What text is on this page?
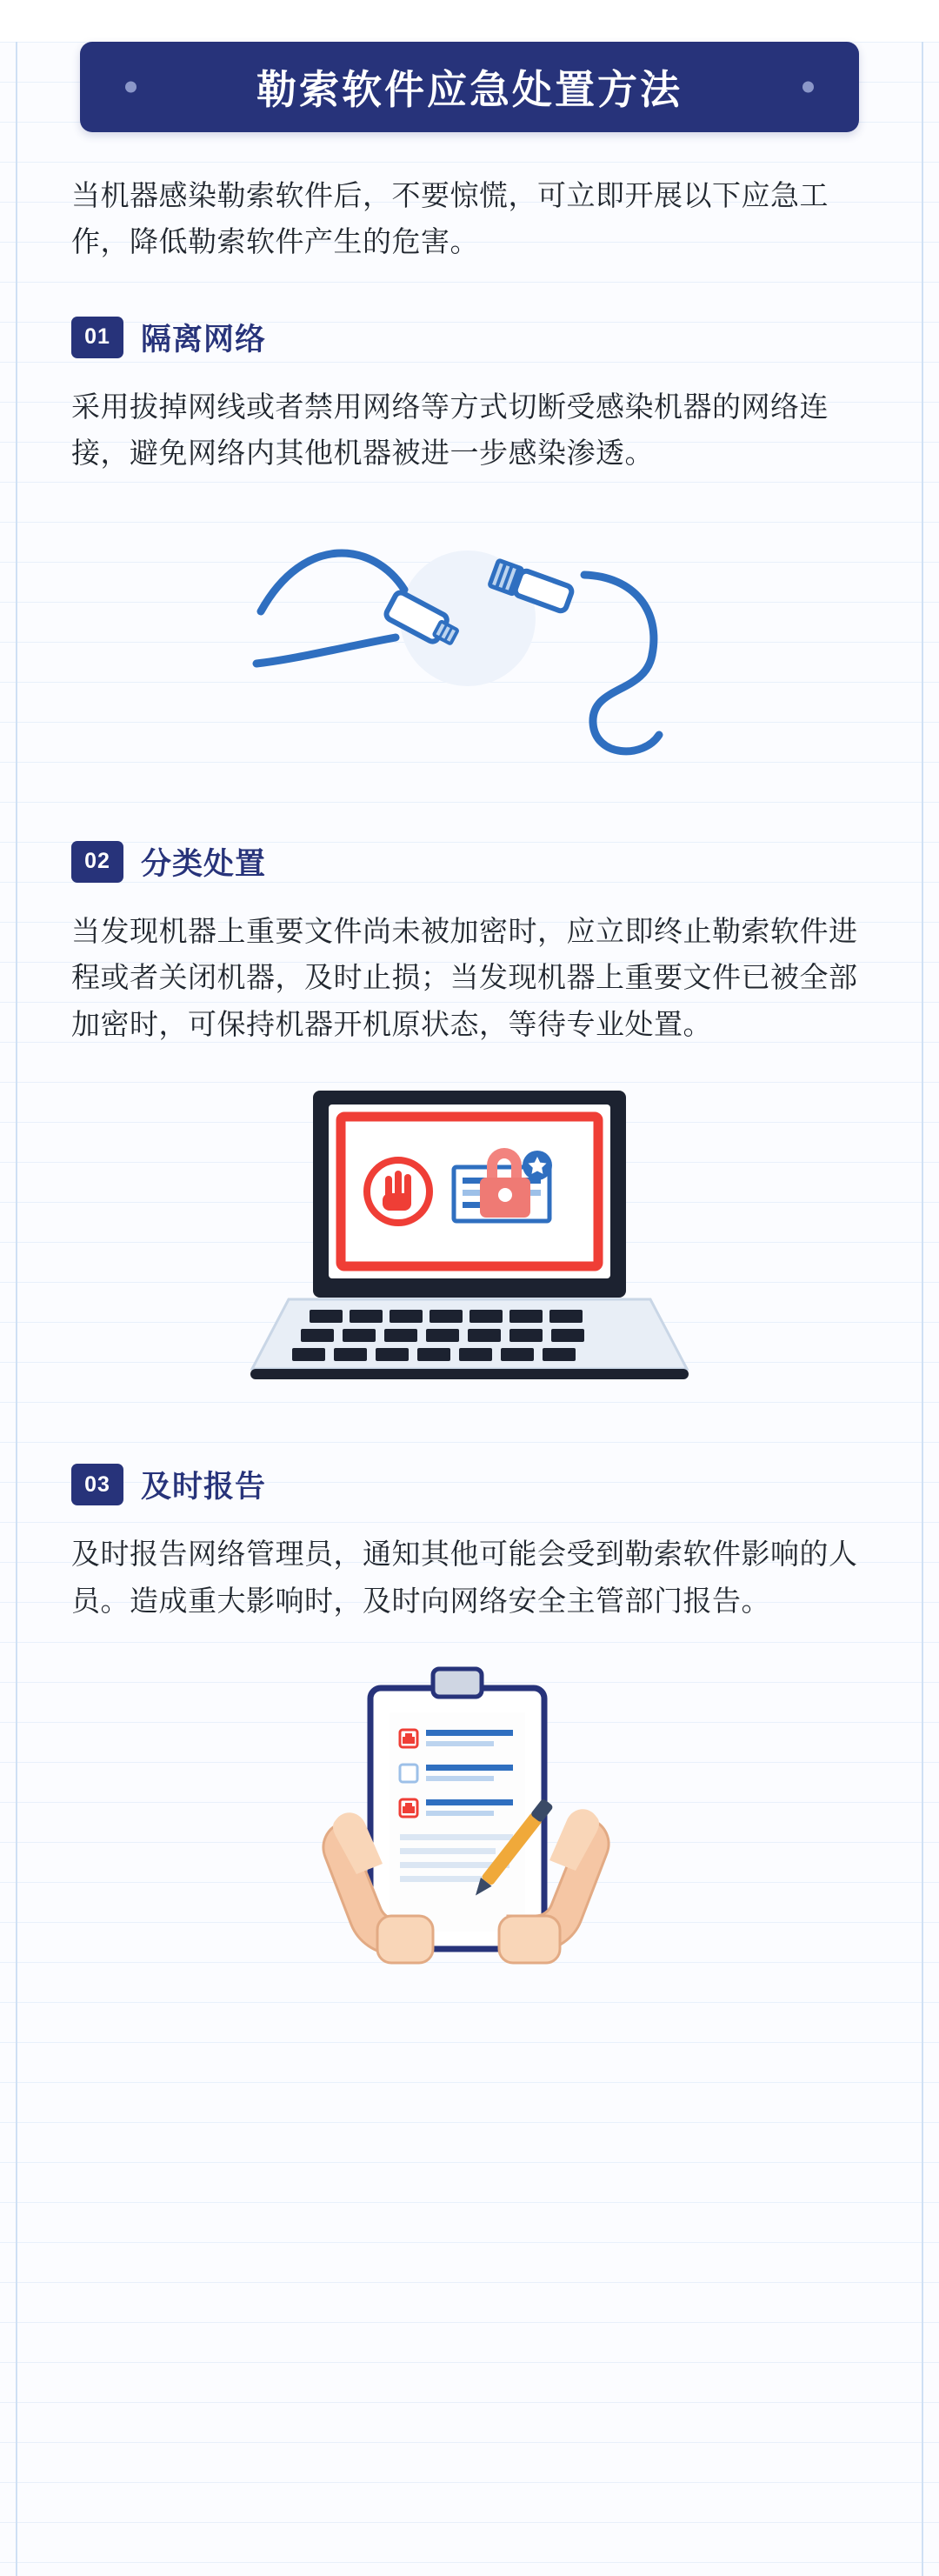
勒索软件应急处置方法

当机器感染勒索软件后，不要惊慌，可立即开展以下应急工作，降低勒索软件产生的危害。

01	隔离网络

采用拔掉网线或者禁用网络等方式切断受感染机器的网络连接，避免网络内其他机器被进一步感染渗透。

02	分类处置

当发现机器上重要文件尚未被加密时，应立即终止勒索软件进程或者关闭机器，及时止损；当发现机器上重要文件已被全部加密时，可保持机器开机原状态，等待专业处置。

03	及时报告

及时报告网络管理员，通知其他可能会受到勒索软件影响的人员。造成重大影响时，及时向网络安全主管部门报告。
